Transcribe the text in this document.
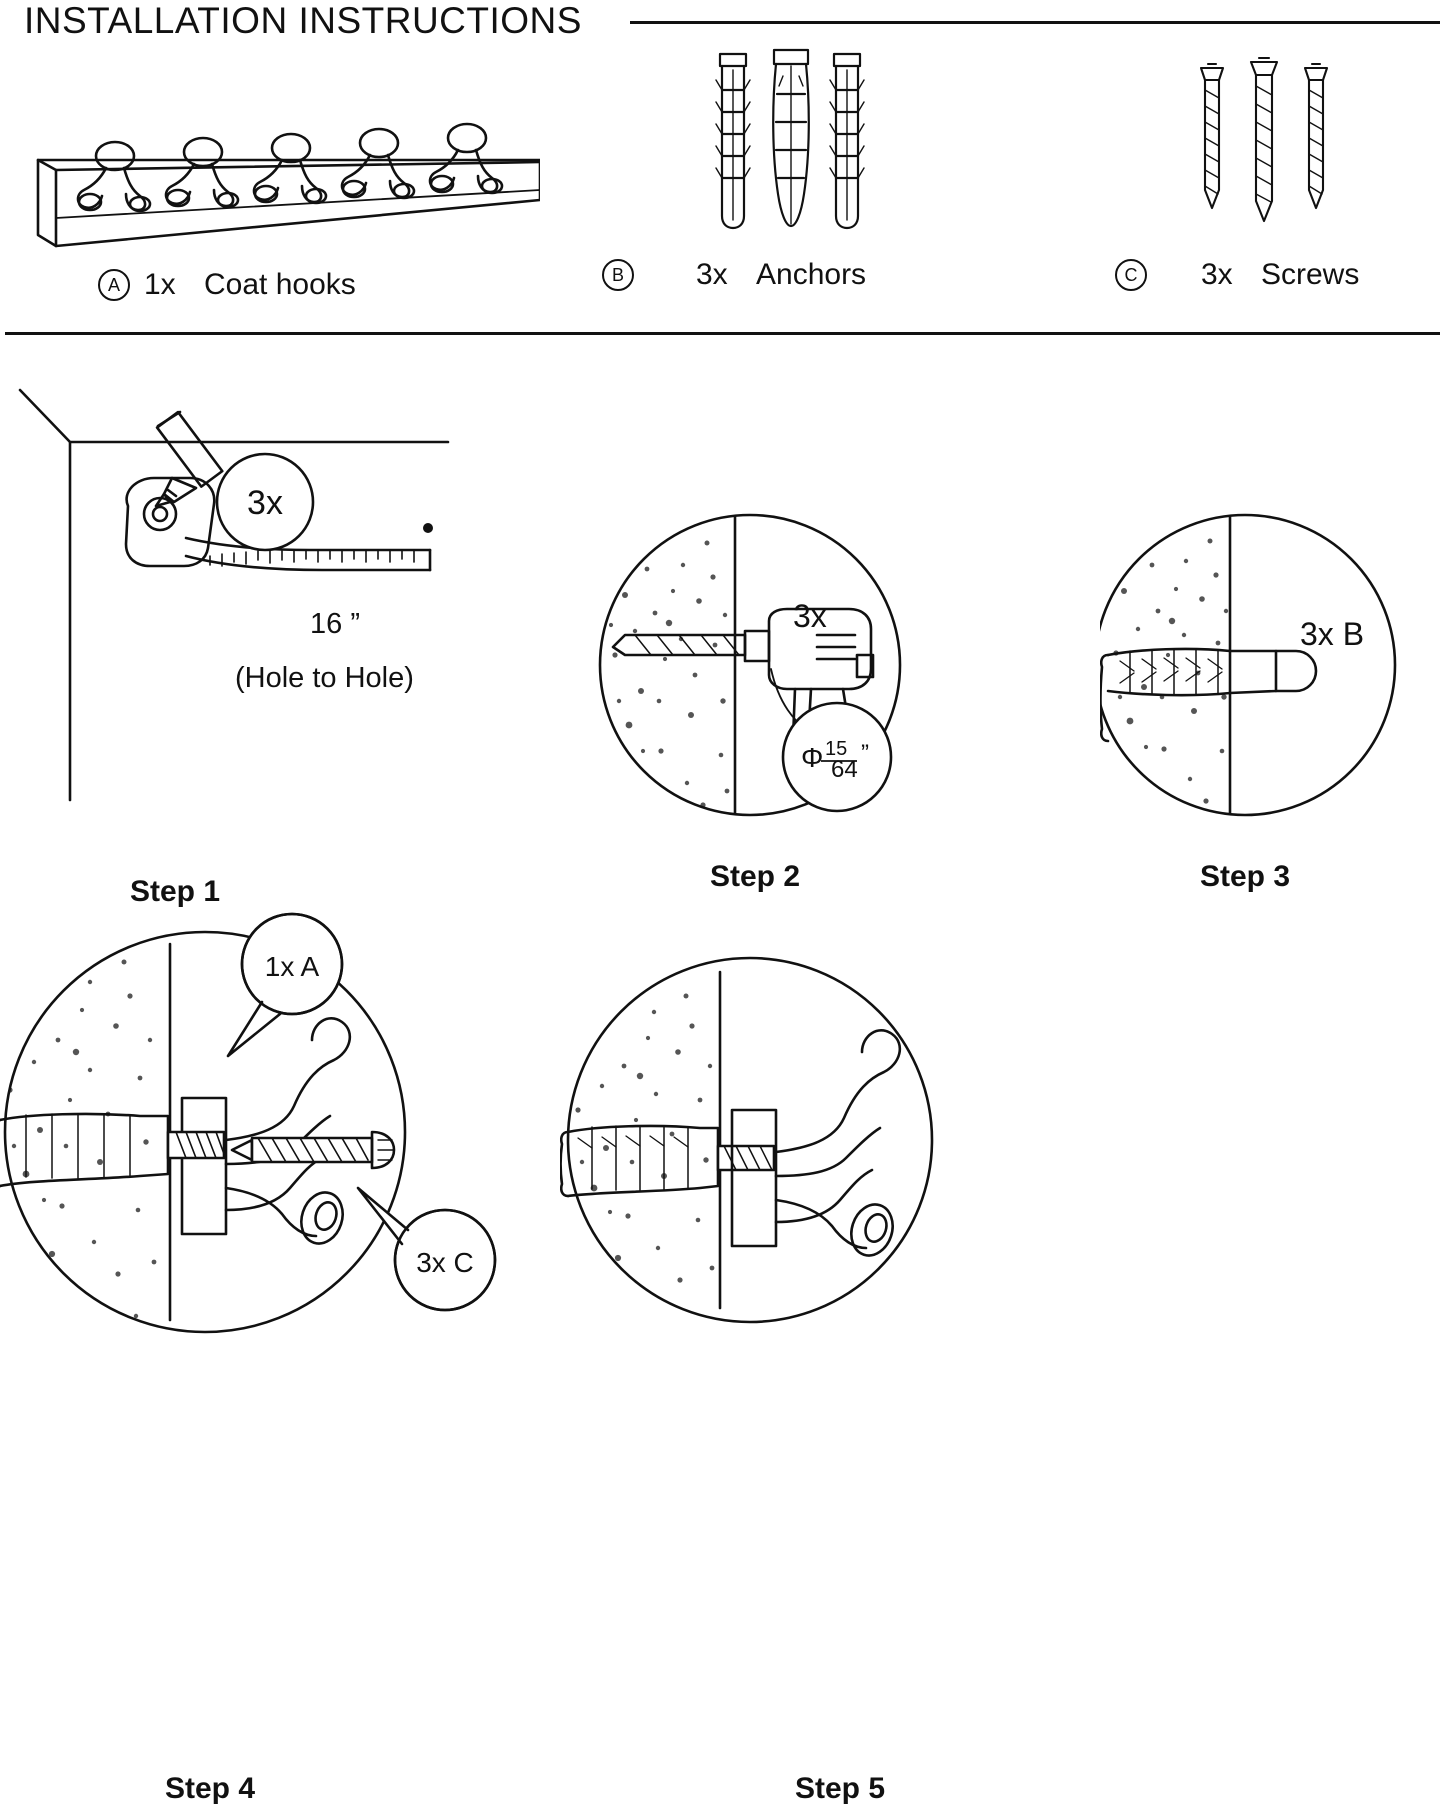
INSTALLATION INSTRUCTIONS
A 1x Coat hooks	B	3x Anchors	C	3x Screws
3x
16 ”
(Hole to Hole)
Step 1
Φ 15
64
”
3x
Step 2
3x B
Step 3
1x A
3x C
Step 4	Step 5
